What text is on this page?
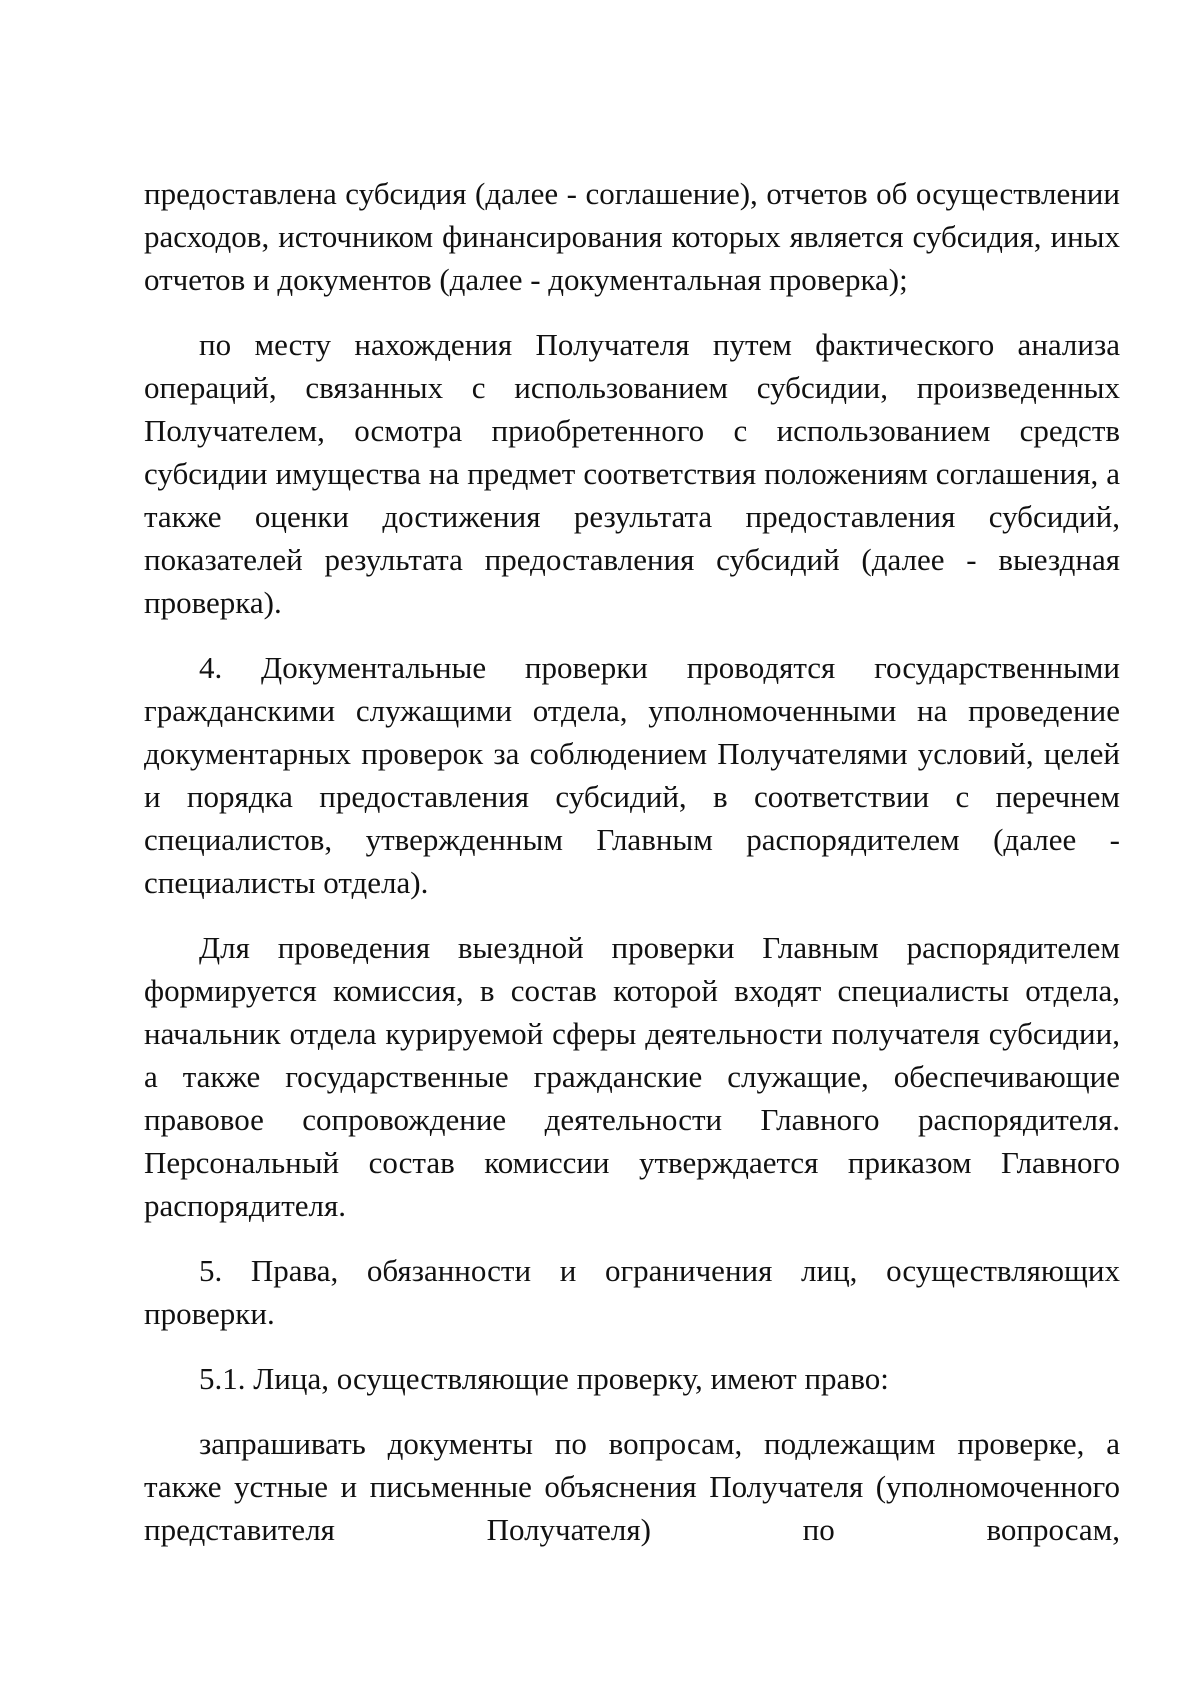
предоставлена субсидия (далее - соглашение), отчетов об осуществлении расходов, источником финансирования которых является субсидия, иных отчетов и документов (далее - документальная проверка);

по месту нахождения Получателя путем фактического анализа операций, связанных с использованием субсидии, произведенных Получателем, осмотра приобретенного с использованием средств субсидии имущества на предмет соответствия положениям соглашения, а также оценки достижения результата предоставления субсидий, показателей результата предоставления субсидий (далее - выездная проверка).

4. Документальные проверки проводятся государственными гражданскими служащими отдела, уполномоченными на проведение документарных проверок за соблюдением Получателями условий, целей и порядка предоставления субсидий, в соответствии с перечнем специалистов, утвержденным Главным распорядителем (далее - специалисты отдела).

Для проведения выездной проверки Главным распорядителем формируется комиссия, в состав которой входят специалисты отдела, начальник отдела курируемой сферы деятельности получателя субсидии, а также государственные гражданские служащие, обеспечивающие правовое сопровождение деятельности Главного распорядителя. Персональный состав комиссии утверждается приказом Главного распорядителя.

5. Права, обязанности и ограничения лиц, осуществляющих проверки.

5.1. Лица, осуществляющие проверку, имеют право:

запрашивать документы по вопросам, подлежащим проверке, а также устные и письменные объяснения Получателя (уполномоченного представителя Получателя) по вопросам,
